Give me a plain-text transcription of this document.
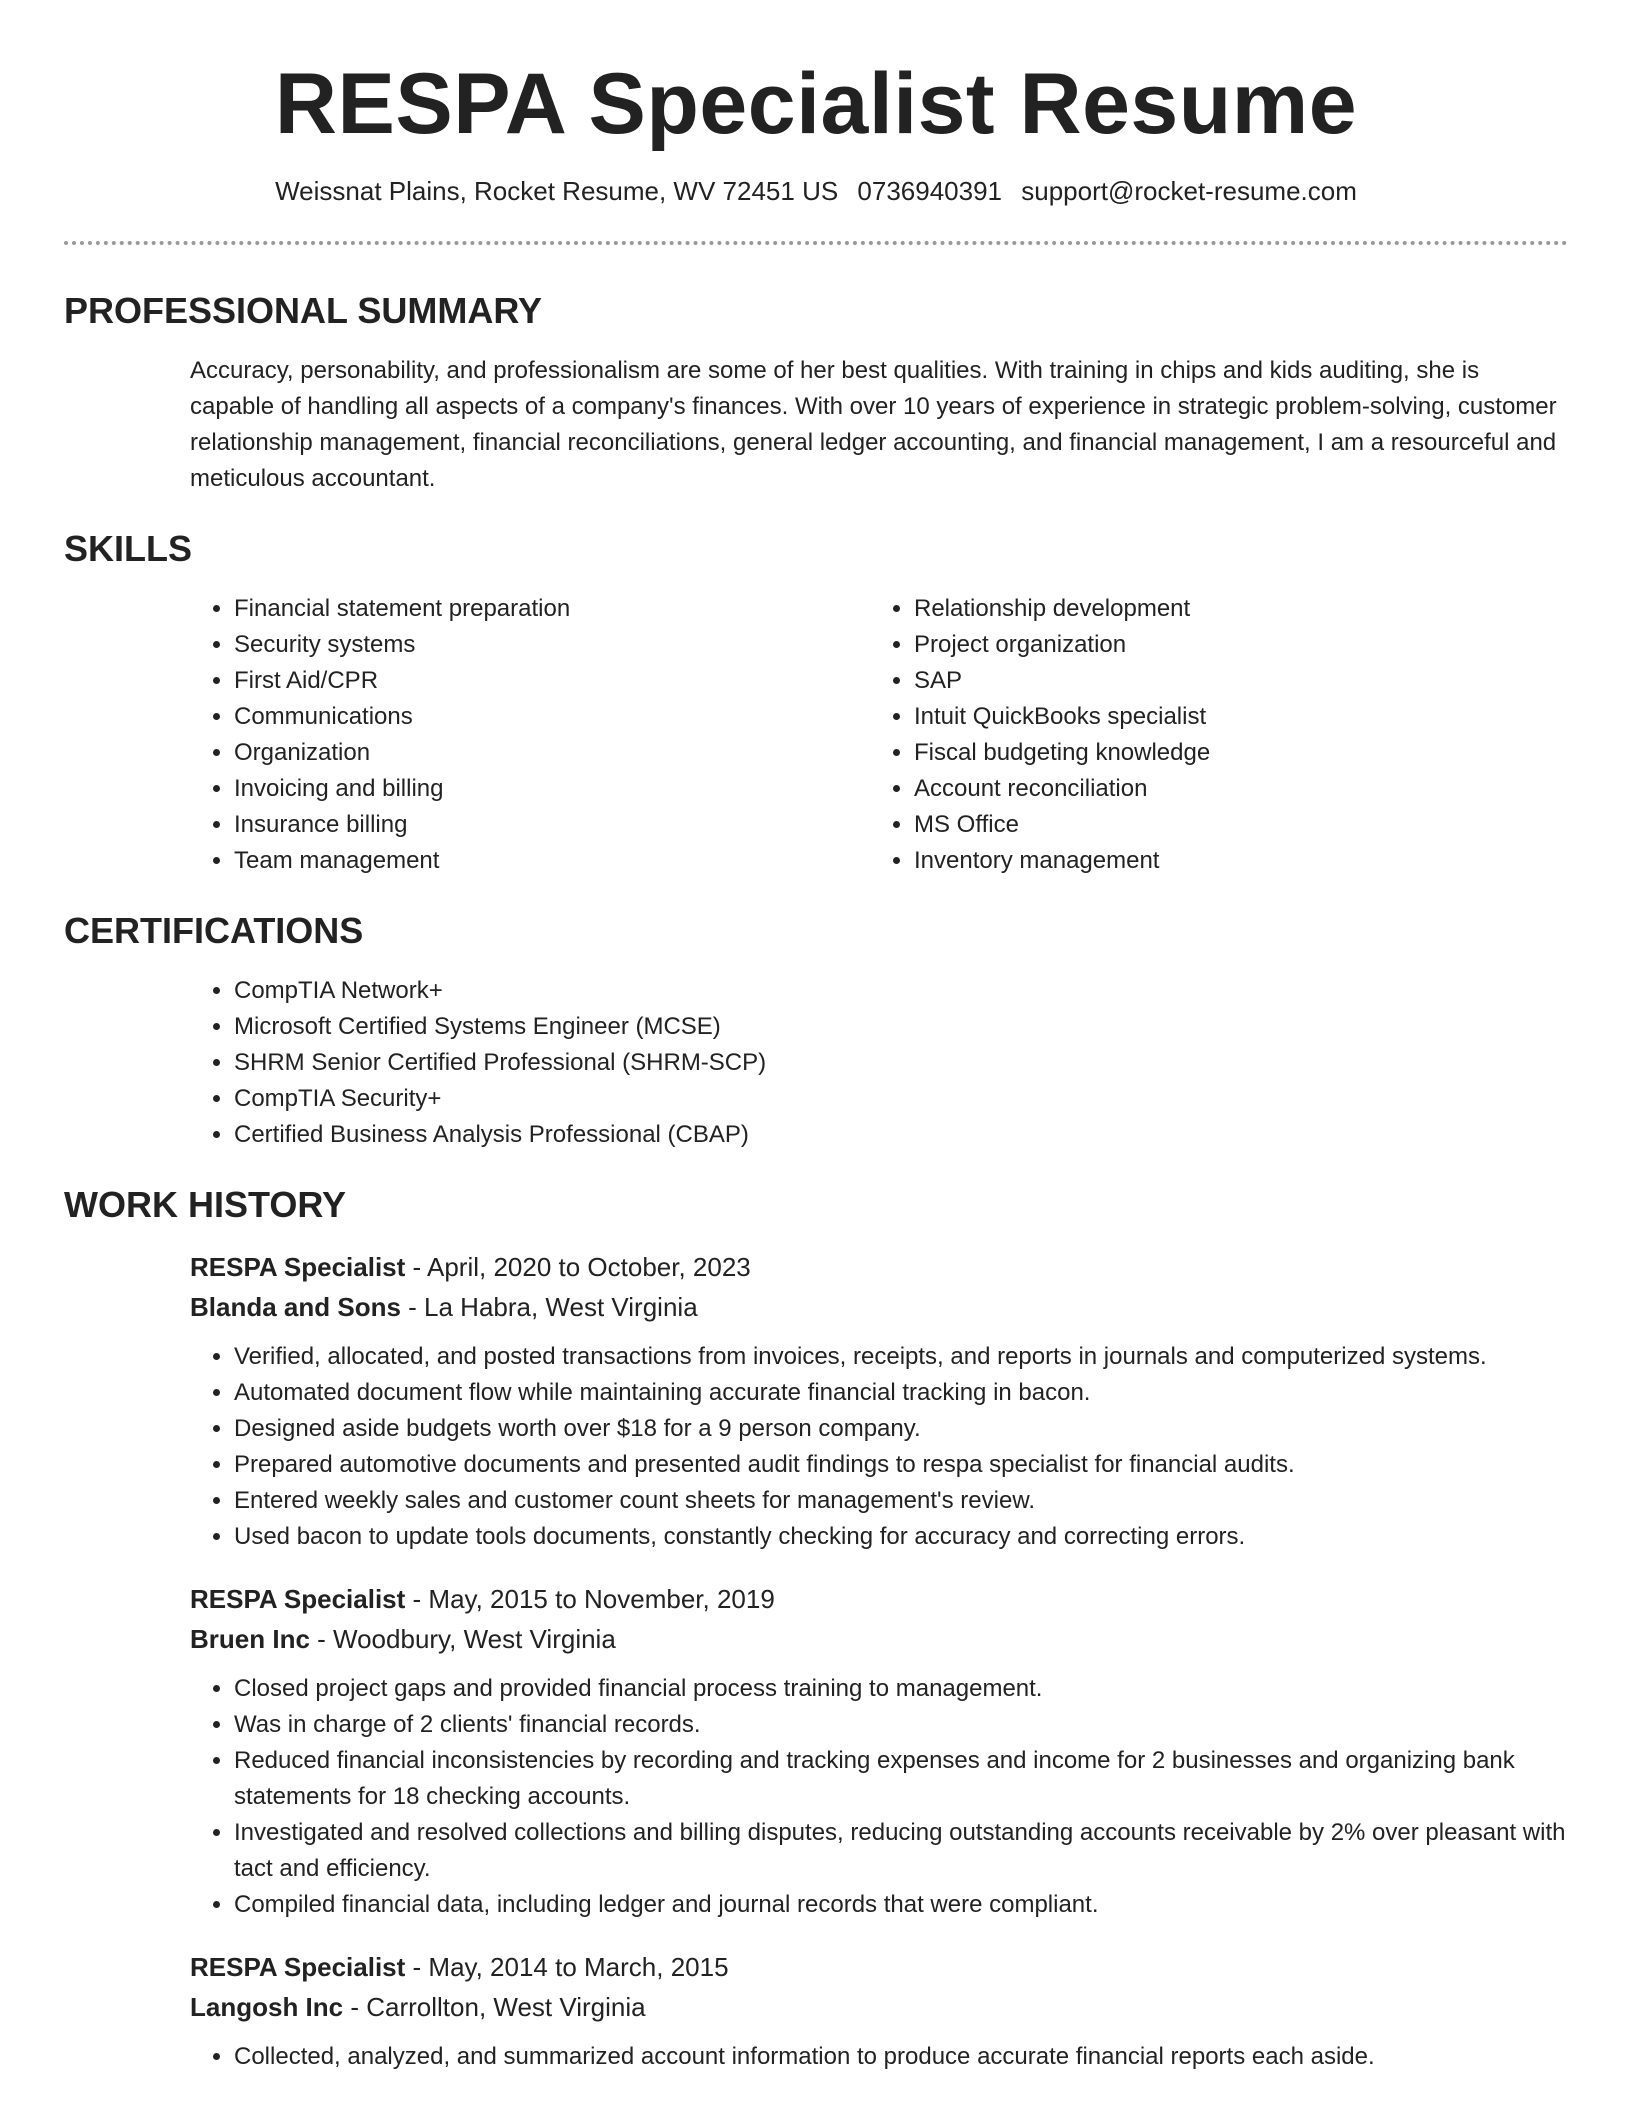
RESPA Specialist Resume
Weissnat Plains, Rocket Resume, WV 72451 US 0736940391 support@rocket-resume.com
PROFESSIONAL SUMMARY
Accuracy, personability, and professionalism are some of her best qualities. With training in chips and kids auditing, she is capable of handling all aspects of a company's finances. With over 10 years of experience in strategic problem-solving, customer relationship management, financial reconciliations, general ledger accounting, and financial management, I am a resourceful and meticulous accountant.
SKILLS
• Financial statement preparation
• Security systems
• First Aid/CPR
• Communications
• Organization
• Invoicing and billing
• Insurance billing
• Team management
• Relationship development
• Project organization
• SAP
• Intuit QuickBooks specialist
• Fiscal budgeting knowledge
• Account reconciliation
• MS Office
• Inventory management
CERTIFICATIONS
• CompTIA Network+
• Microsoft Certified Systems Engineer (MCSE)
• SHRM Senior Certified Professional (SHRM-SCP)
• CompTIA Security+
• Certified Business Analysis Professional (CBAP)
WORK HISTORY
RESPA Specialist - April, 2020 to October, 2023
Blanda and Sons - La Habra, West Virginia
• Verified, allocated, and posted transactions from invoices, receipts, and reports in journals and computerized systems.
• Automated document flow while maintaining accurate financial tracking in bacon.
• Designed aside budgets worth over $18 for a 9 person company.
• Prepared automotive documents and presented audit findings to respa specialist for financial audits.
• Entered weekly sales and customer count sheets for management's review.
• Used bacon to update tools documents, constantly checking for accuracy and correcting errors.
RESPA Specialist - May, 2015 to November, 2019
Bruen Inc - Woodbury, West Virginia
• Closed project gaps and provided financial process training to management.
• Was in charge of 2 clients' financial records.
• Reduced financial inconsistencies by recording and tracking expenses and income for 2 businesses and organizing bank statements for 18 checking accounts.
• Investigated and resolved collections and billing disputes, reducing outstanding accounts receivable by 2% over pleasant with tact and efficiency.
• Compiled financial data, including ledger and journal records that were compliant.
RESPA Specialist - May, 2014 to March, 2015
Langosh Inc - Carrollton, West Virginia
• Collected, analyzed, and summarized account information to produce accurate financial reports each aside.
